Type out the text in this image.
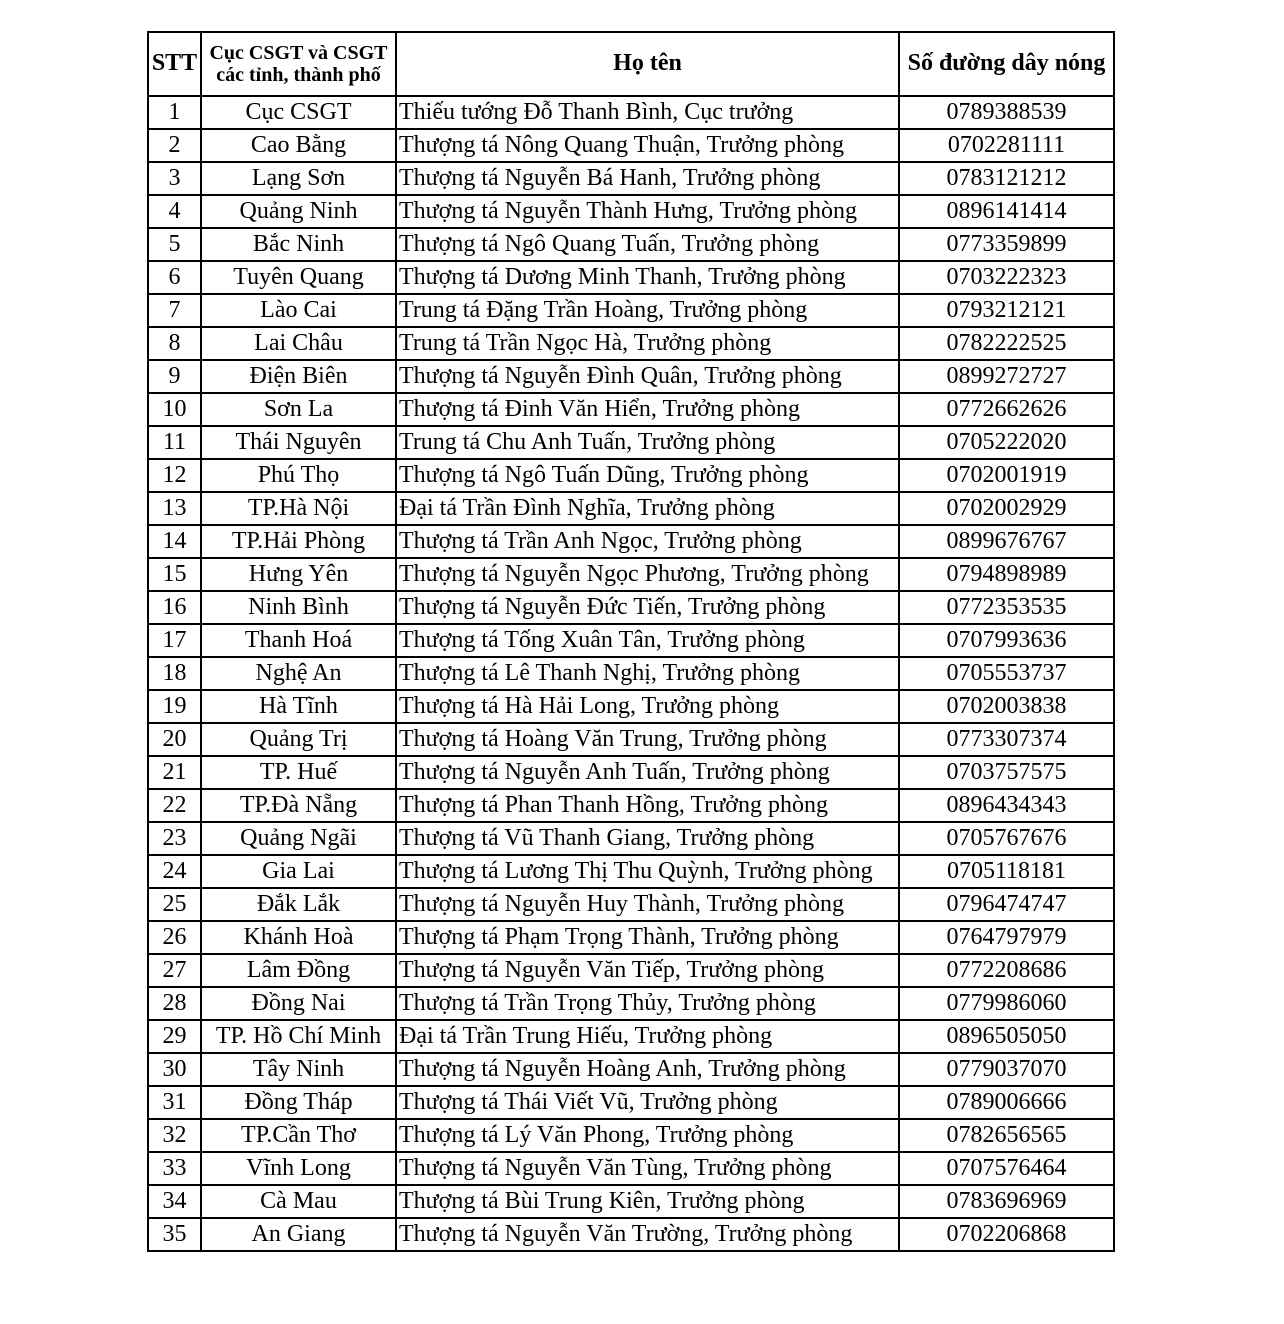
STT	Cục CSGT và CSGT các tỉnh, thành phố	Họ tên	Số đường dây nóng
1	Cục CSGT	Thiếu tướng Đỗ Thanh Bình, Cục trưởng	0789388539
2	Cao Bằng	Thượng tá Nông Quang Thuận, Trưởng phòng	0702281111
3	Lạng Sơn	Thượng tá Nguyễn Bá Hanh, Trưởng phòng	0783121212
4	Quảng Ninh	Thượng tá Nguyễn Thành Hưng, Trưởng phòng	0896141414
5	Bắc Ninh	Thượng tá Ngô Quang Tuấn, Trưởng phòng	0773359899
6	Tuyên Quang	Thượng tá Dương Minh Thanh, Trưởng phòng	0703222323
7	Lào Cai	Trung tá Đặng Trần Hoàng, Trưởng phòng	0793212121
8	Lai Châu	Trung tá Trần Ngọc Hà, Trưởng phòng	0782222525
9	Điện Biên	Thượng tá Nguyễn Đình Quân, Trưởng phòng	0899272727
10	Sơn La	Thượng tá Đinh Văn Hiển, Trưởng phòng	0772662626
11	Thái Nguyên	Trung tá Chu Anh Tuấn, Trưởng phòng	0705222020
12	Phú Thọ	Thượng tá Ngô Tuấn Dũng, Trưởng phòng	0702001919
13	TP.Hà Nội	Đại tá Trần Đình Nghĩa, Trưởng phòng	0702002929
14	TP.Hải Phòng	Thượng tá Trần Anh Ngọc, Trưởng phòng	0899676767
15	Hưng Yên	Thượng tá Nguyễn Ngọc Phương, Trưởng phòng	0794898989
16	Ninh Bình	Thượng tá Nguyễn Đức Tiến, Trưởng phòng	0772353535
17	Thanh Hoá	Thượng tá Tống Xuân Tân, Trưởng phòng	0707993636
18	Nghệ An	Thượng tá Lê Thanh Nghị, Trưởng phòng	0705553737
19	Hà Tĩnh	Thượng tá Hà Hải Long, Trưởng phòng	0702003838
20	Quảng Trị	Thượng tá Hoàng Văn Trung, Trưởng phòng	0773307374
21	TP. Huế	Thượng tá Nguyễn Anh Tuấn, Trưởng phòng	0703757575
22	TP.Đà Nẵng	Thượng tá Phan Thanh Hồng, Trưởng phòng	0896434343
23	Quảng Ngãi	Thượng tá Vũ Thanh Giang, Trưởng phòng	0705767676
24	Gia Lai	Thượng tá Lương Thị Thu Quỳnh, Trưởng phòng	0705118181
25	Đắk Lắk	Thượng tá Nguyễn Huy Thành, Trưởng phòng	0796474747
26	Khánh Hoà	Thượng tá Phạm Trọng Thành, Trưởng phòng	0764797979
27	Lâm Đồng	Thượng tá Nguyễn Văn Tiếp, Trưởng phòng	0772208686
28	Đồng Nai	Thượng tá Trần Trọng Thủy, Trưởng phòng	0779986060
29	TP. Hồ Chí Minh	Đại tá Trần Trung Hiếu, Trưởng phòng	0896505050
30	Tây Ninh	Thượng tá Nguyễn Hoàng Anh, Trưởng phòng	0779037070
31	Đồng Tháp	Thượng tá Thái Viết Vũ, Trưởng phòng	0789006666
32	TP.Cần Thơ	Thượng tá Lý Văn Phong, Trưởng phòng	0782656565
33	Vĩnh Long	Thượng tá Nguyễn Văn Tùng, Trưởng phòng	0707576464
34	Cà Mau	Thượng tá Bùi Trung Kiên, Trưởng phòng	0783696969
35	An Giang	Thượng tá Nguyễn Văn Trường, Trưởng phòng	0702206868
